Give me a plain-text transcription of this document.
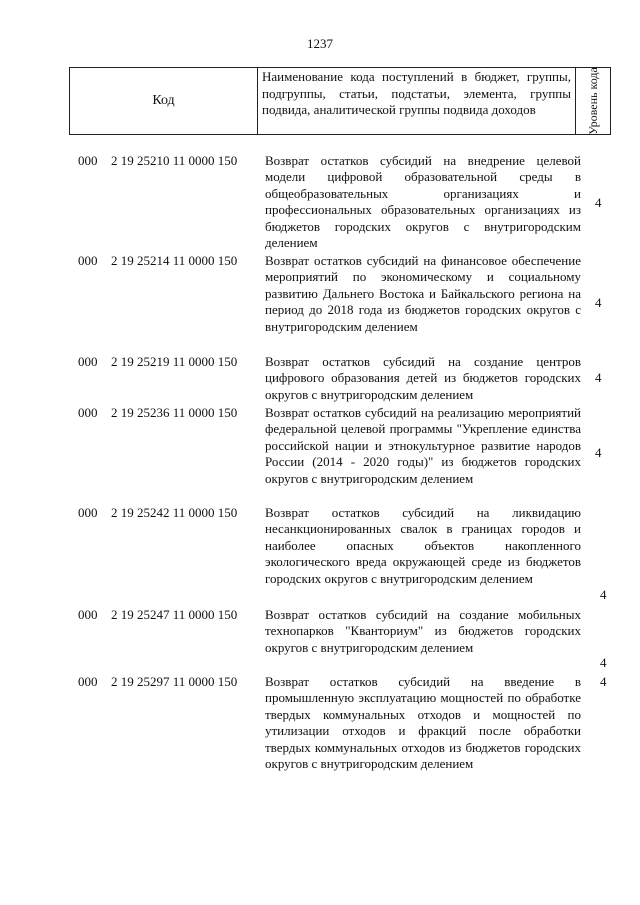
1237
Код
Наименование кода поступлений в бюджет, группы, подгруппы, статьи, подстатьи, элемента, группы подвида, аналитической группы подвида доходов	Уровень кода
000 2 19 25210 11 0000 150 Возврат остатков субсидий на внедрение целевой модели цифровой образовательной среды в общеобразовательных организациях и профессиональных образовательных организациях из бюджетов городских округов с внутригородским делением
4
000 2 19 25214 11 0000 150 Возврат остатков субсидий на финансовое обеспечение мероприятий по экономическому и социальному развитию Дальнего Востока и Байкальского региона на период до 2018 года из бюджетов городских округов с внутригородским делением
4
000 2 19 25219 11 0000 150 Возврат остатков субсидий на создание центров цифрового образования детей из бюджетов городских округов с внутригородским делением
4
000 2 19 25236 11 0000 150 Возврат остатков субсидий на реализацию мероприятий федеральной целевой программы "Укрепление единства российской нации и этнокультурное развитие народов России (2014 - 2020 годы)" из бюджетов городских округов с внутригородским делением
4
000 2 19 25242 11 0000 150 Возврат остатков субсидий на ликвидацию несанкционированных свалок в границах городов и наиболее опасных объектов накопленного экологического вреда окружающей среде из бюджетов городских округов с внутригородским делением
4
000 2 19 25247 11 0000 150 Возврат остатков субсидий на создание мобильных технопарков "Кванториум" из бюджетов городских округов с внутригородским делением
4
000 2 19 25297 11 0000 150 Возврат остатков субсидий на введение в промышленную эксплуатацию мощностей по обработке твердых коммунальных отходов и мощностей по утилизации отходов и фракций после обработки твердых коммунальных отходов из бюджетов городских округов с внутригородским делением
4
